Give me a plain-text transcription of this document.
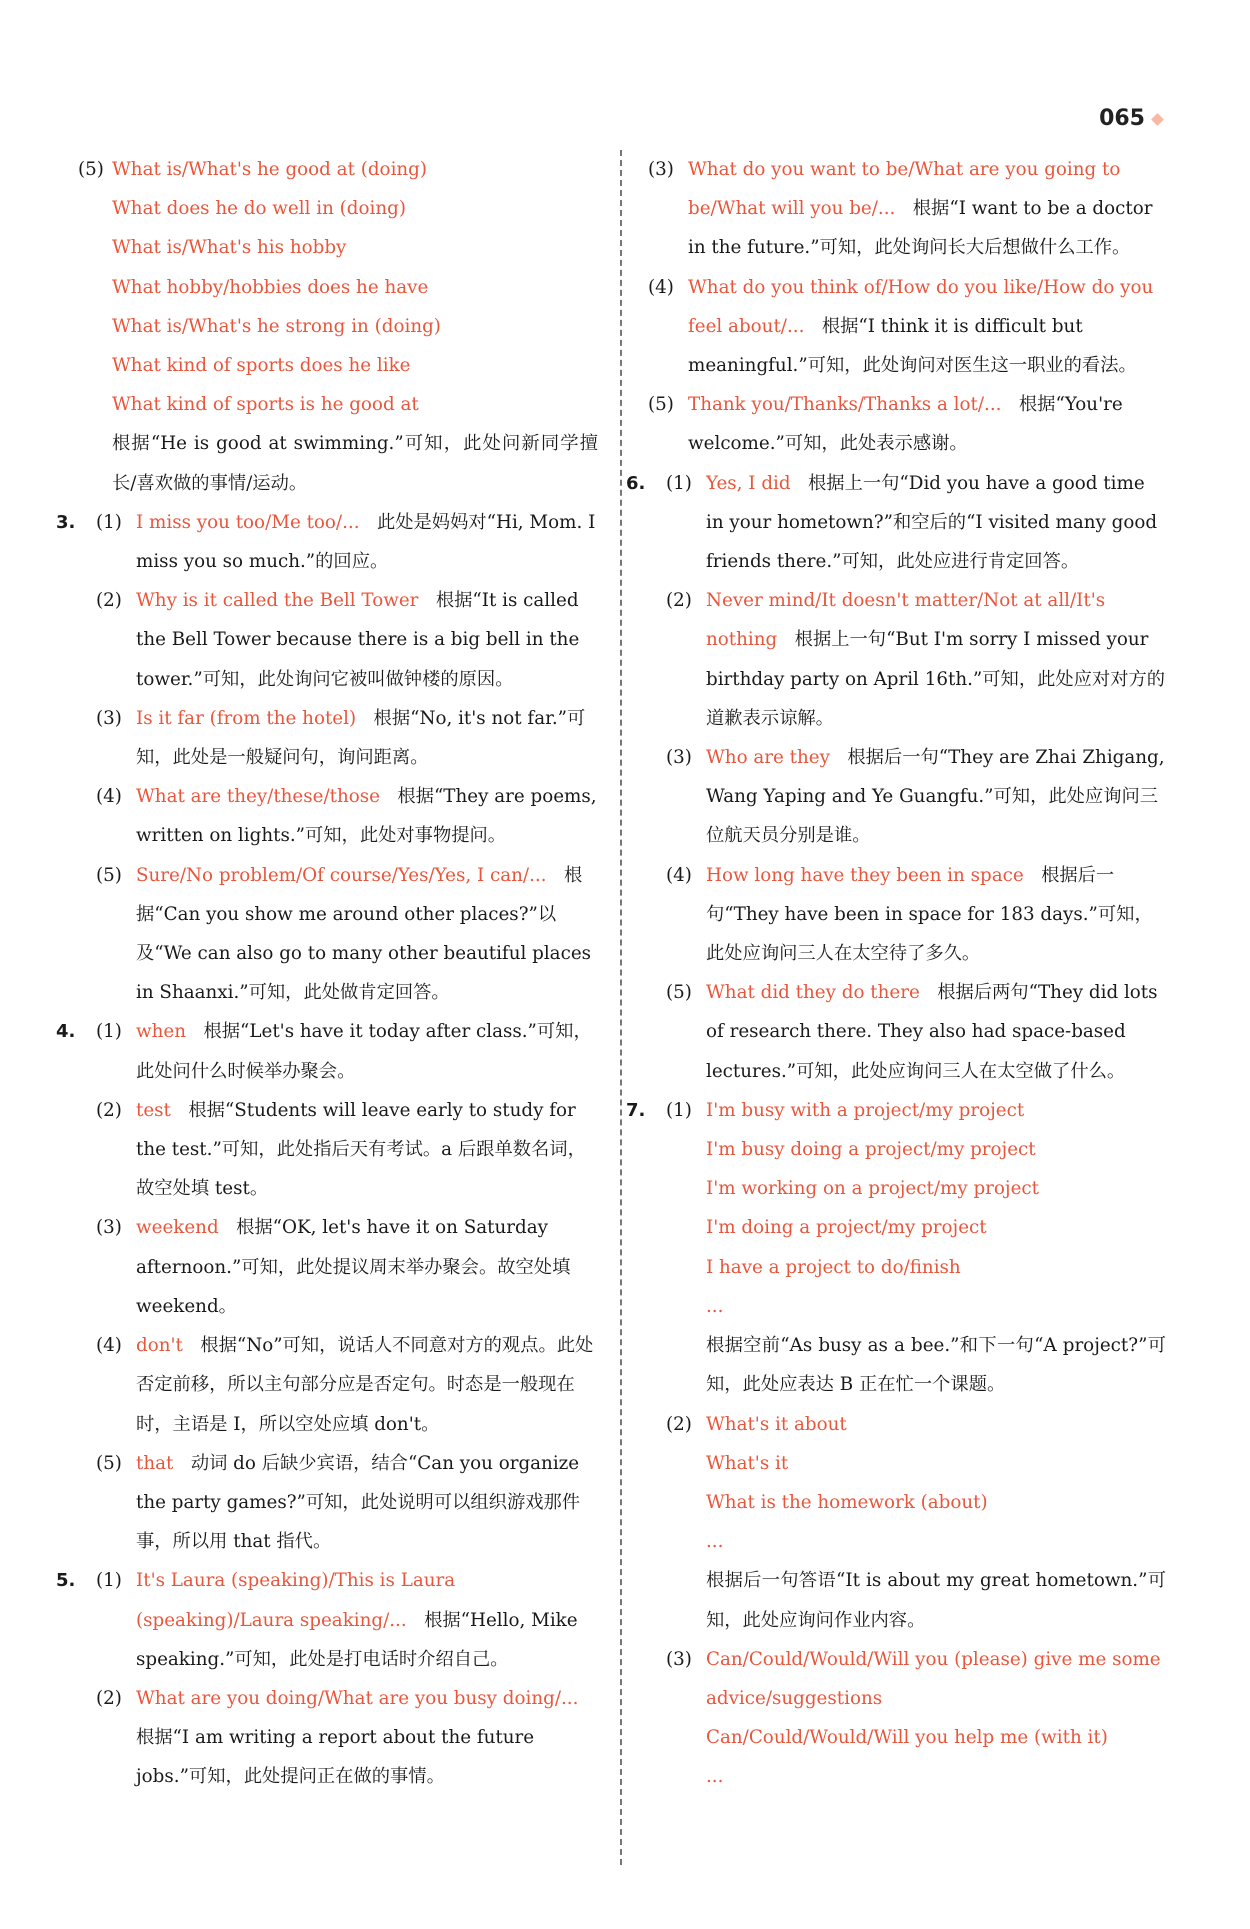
065
(5) What is/What's he good at (doing)
What does he do well in (doing)
What is/What's his hobby
What hobby/hobbies does he have
What is/What's he strong in (doing)
What kind of sports does he like
What kind of sports is he good at
根据“He is good at swimming.”可知，此处问新同学擅长/喜欢做的事情/运动。
3. (1) I miss you too/Me too/... 此处是妈妈对“Hi, Mom. I miss you so much.”的回应。
(2) Why is it called the Bell Tower 根据“It is called the Bell Tower because there is a big bell in the tower.”可知，此处询问它被叫做钟楼的原因。
(3) Is it far (from the hotel) 根据“No, it's not far.”可知，此处是一般疑问句，询问距离。
(4) What are they/these/those 根据“They are poems, written on lights.”可知，此处对事物提问。
(5) Sure/No problem/Of course/Yes/Yes, I can/... 根据“Can you show me around other places?”以及“We can also go to many other beautiful places in Shaanxi.”可知，此处做肯定回答。
4. (1) when 根据“Let's have it today after class.”可知，此处问什么时候举办聚会。
(2) test 根据“Students will leave early to study for the test.”可知，此处指后天有考试。a 后跟单数名词，故空处填 test。
(3) weekend 根据“OK, let's have it on Saturday afternoon.”可知，此处提议周末举办聚会。故空处填 weekend。
(4) don't 根据“No”可知，说话人不同意对方的观点。此处否定前移，所以主句部分应是否定句。时态是一般现在时，主语是 I，所以空处应填 don't。
(5) that 动词 do 后缺少宾语，结合“Can you organize the party games?”可知，此处说明可以组织游戏那件事，所以用 that 指代。
5. (1) It's Laura (speaking)/This is Laura (speaking)/Laura speaking/... 根据“Hello, Mike speaking.”可知，此处是打电话时介绍自己。
(2) What are you doing/What are you busy doing/...   根据“I am writing a report about the future jobs.”可知，此处提问正在做的事情。
(3) What do you want to be/What are you going to be/What will you be/... 根据“I want to be a doctor in the future.”可知，此处询问长大后想做什么工作。
(4) What do you think of/How do you like/How do you feel about/... 根据“I think it is difficult but meaningful.”可知，此处询问对医生这一职业的看法。
(5) Thank you/Thanks/Thanks a lot/... 根据“You're welcome.”可知，此处表示感谢。
6. (1) Yes, I did 根据上一句“Did you have a good time in your hometown?”和空后的“I visited many good friends there.”可知，此处应进行肯定回答。
(2) Never mind/It doesn't matter/Not at all/It's nothing 根据上一句“But I'm sorry I missed your birthday party on April 16th.”可知，此处应对对方的道歉表示谅解。
(3) Who are they 根据后一句“They are Zhai Zhigang, Wang Yaping and Ye Guangfu.”可知，此处应询问三位航天员分别是谁。
(4) How long have they been in space 根据后一句“They have been in space for 183 days.”可知，此处应询问三人在太空待了多久。
(5) What did they do there 根据后两句“They did lots of research there. They also had space-based lectures.”可知，此处应询问三人在太空做了什么。
7. (1) I'm busy with a project/my project
I'm busy doing a project/my project
I'm working on a project/my project
I'm doing a project/my project
I have a project to do/finish
...
根据空前“As busy as a bee.”和下一句“A project?”可知，此处应表达 B 正在忙一个课题。
(2) What's it about
What's it
What is the homework (about)
...
根据后一句答语“It is about my great hometown.”可知，此处应询问作业内容。
(3) Can/Could/Would/Will you (please) give me some advice/suggestions
Can/Could/Would/Will you help me (with it)
...
